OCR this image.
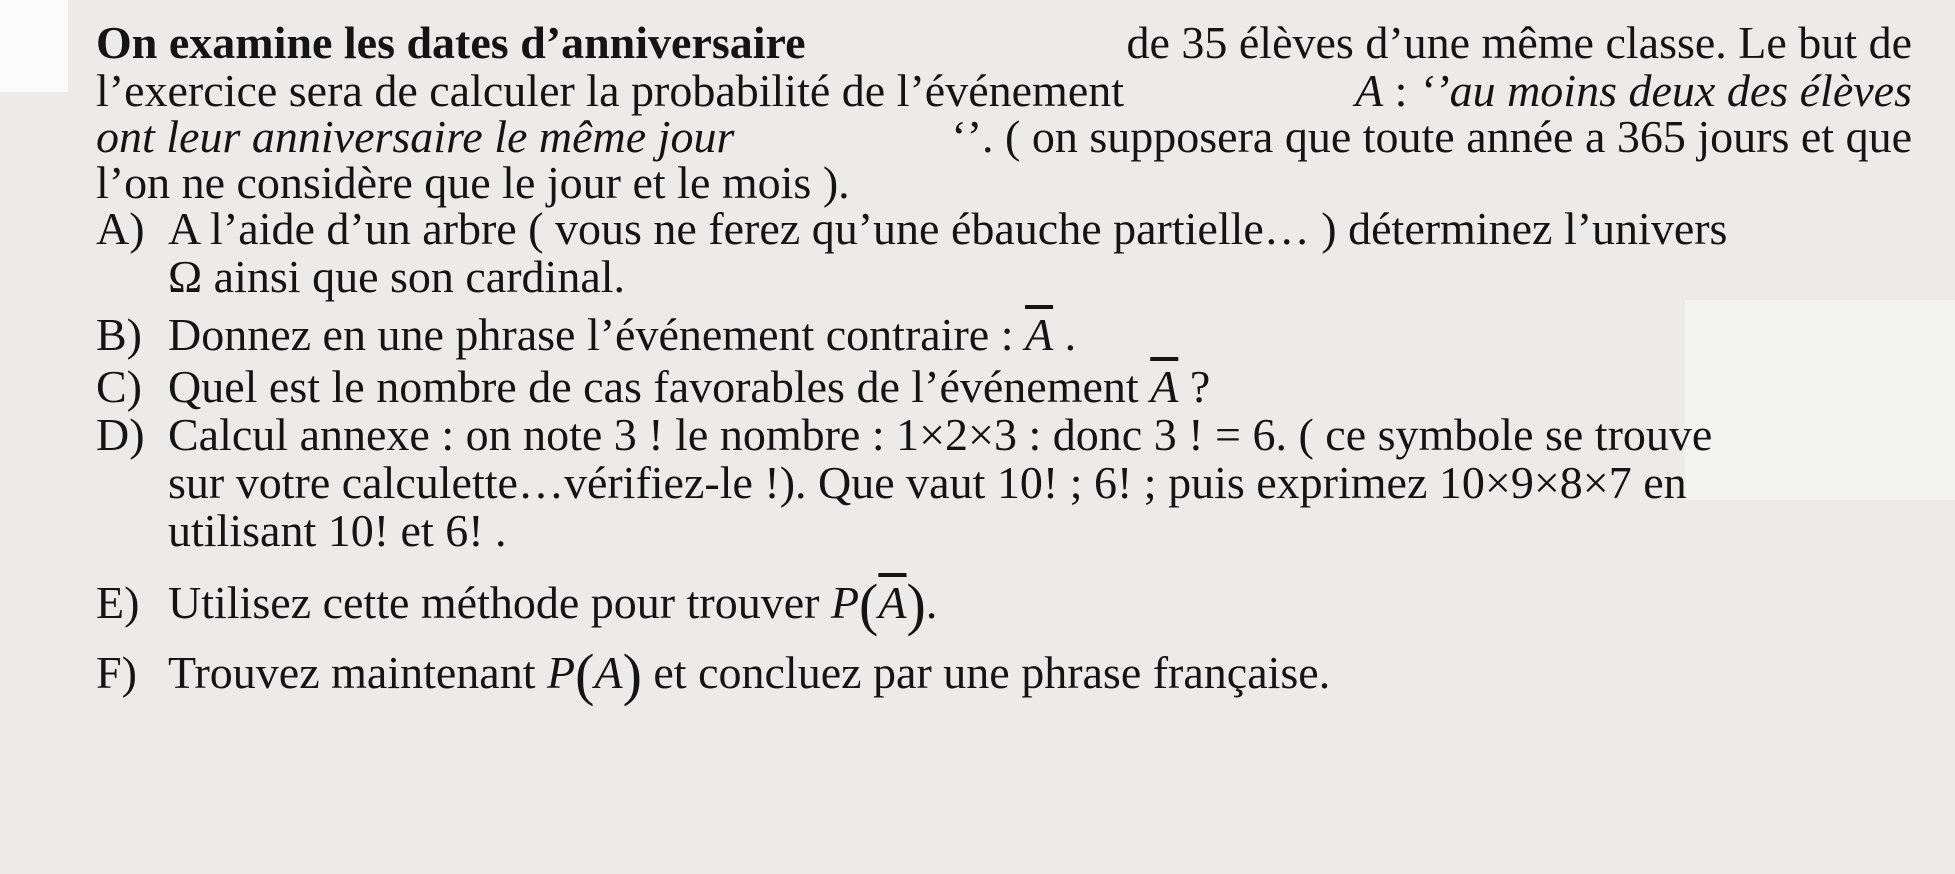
On examine les dates d’anniversaire	de 35 élèves d’une même classe. Le but de
l’exercice sera de calculer la probabilité de l’événement	A : ‘’au moins deux des élèves
ont leur anniversaire le même jour	‘’. ( on supposera que toute année a 365 jours et que
l’on ne considère que le jour et le mois ).
A) A l’aide d’un arbre ( vous ne ferez qu’une ébauche partielle… ) déterminez l’univers
Ω ainsi que son cardinal.
B) Donnez en une phrase l’événement contraire : $\overline{A}$ .
C) Quel est le nombre de cas favorables de l’événement $\overline{A}$ ?
D) Calcul annexe : on note 3 ! le nombre : 1×2×3 : donc 3 ! = 6. ( ce symbole se trouve
sur votre calculette…vérifiez-le !). Que vaut 10! ; 6! ; puis exprimez 10×9×8×7 en
utilisant 10! et 6! .
E) Utilisez cette méthode pour trouver $P(\overline{A})$.
F) Trouvez maintenant P(A) et concluez par une phrase française.
